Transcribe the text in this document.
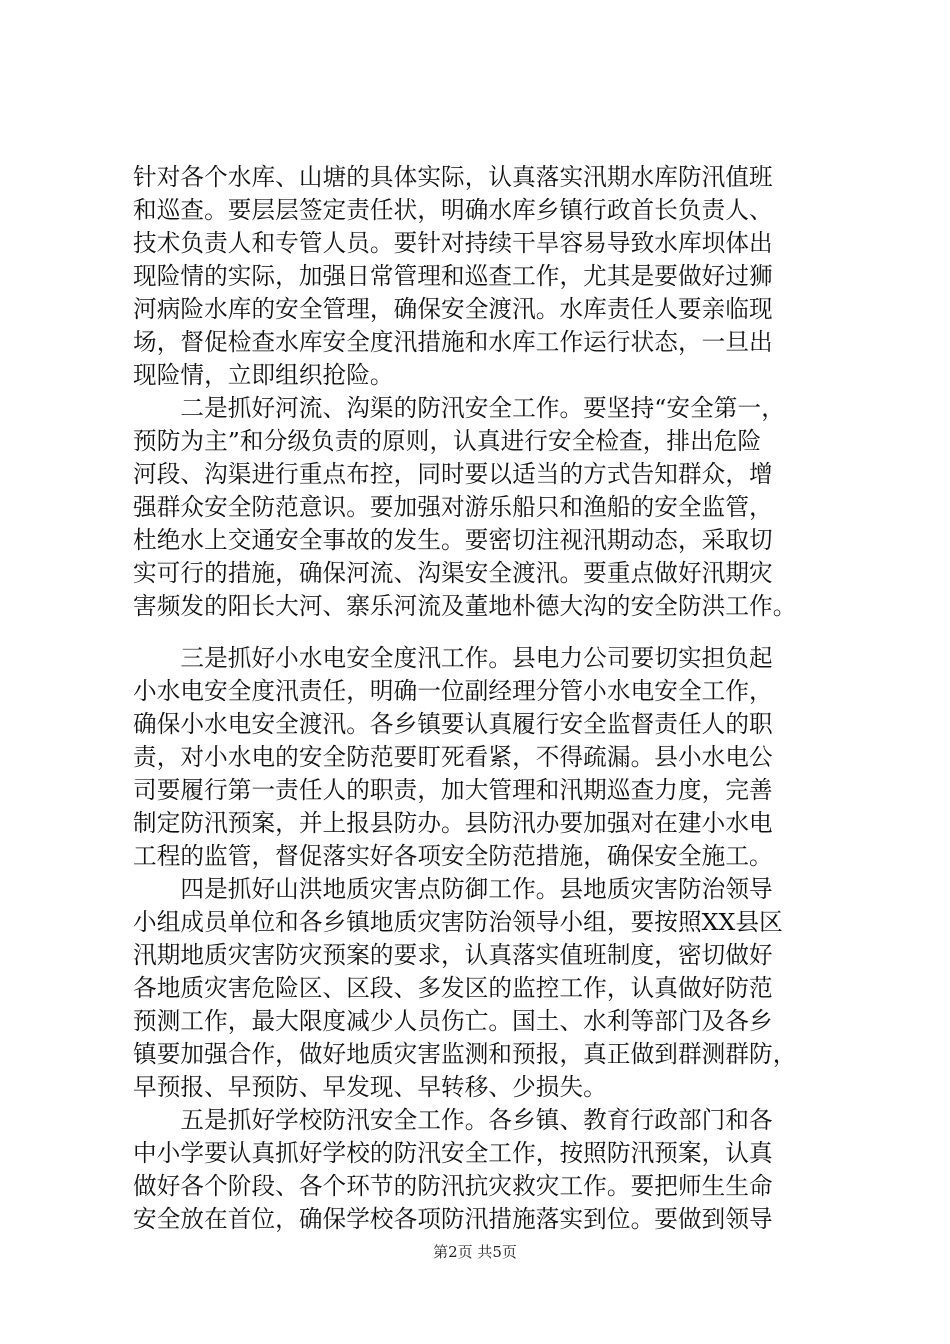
针对各个水库、山塘的具体实际，认真落实汛期水库防汛值班
和巡查。要层层签定责任状，明确水库乡镇行政首长负责人、
技术负责人和专管人员。要针对持续干旱容易导致水库坝体出
现险情的实际，加强日常管理和巡查工作，尤其是要做好过狮
河病险水库的安全管理，确保安全渡汛。水库责任人要亲临现
场，督促检查水库安全度汛措施和水库工作运行状态，一旦出
现险情，立即组织抢险。
　　二是抓好河流、沟渠的防汛安全工作。要坚持“安全第一，
预防为主”和分级负责的原则，认真进行安全检查，排出危险
河段、沟渠进行重点布控，同时要以适当的方式告知群众，增
强群众安全防范意识。要加强对游乐船只和渔船的安全监管，
杜绝水上交通安全事故的发生。要密切注视汛期动态，采取切
实可行的措施，确保河流、沟渠安全渡汛。要重点做好汛期灾
害频发的阳长大河、寨乐河流及董地朴德大沟的安全防洪工作。
　　三是抓好小水电安全度汛工作。县电力公司要切实担负起
小水电安全度汛责任，明确一位副经理分管小水电安全工作，
确保小水电安全渡汛。各乡镇要认真履行安全监督责任人的职
责，对小水电的安全防范要盯死看紧，不得疏漏。县小水电公
司要履行第一责任人的职责，加大管理和汛期巡查力度，完善
制定防汛预案，并上报县防办。县防汛办要加强对在建小水电
工程的监管，督促落实好各项安全防范措施，确保安全施工。
　　四是抓好山洪地质灾害点防御工作。县地质灾害防治领导
小组成员单位和各乡镇地质灾害防治领导小组，要按照XX县区
汛期地质灾害防灾预案的要求，认真落实值班制度，密切做好
各地质灾害危险区、区段、多发区的监控工作，认真做好防范
预测工作，最大限度减少人员伤亡。国土、水利等部门及各乡
镇要加强合作，做好地质灾害监测和预报，真正做到群测群防，
早预报、早预防、早发现、早转移、少损失。
　　五是抓好学校防汛安全工作。各乡镇、教育行政部门和各
中小学要认真抓好学校的防汛安全工作，按照防汛预案，认真
做好各个阶段、各个环节的防汛抗灾救灾工作。要把师生生命
安全放在首位，确保学校各项防汛措施落实到位。要做到领导
第2页 共5页
